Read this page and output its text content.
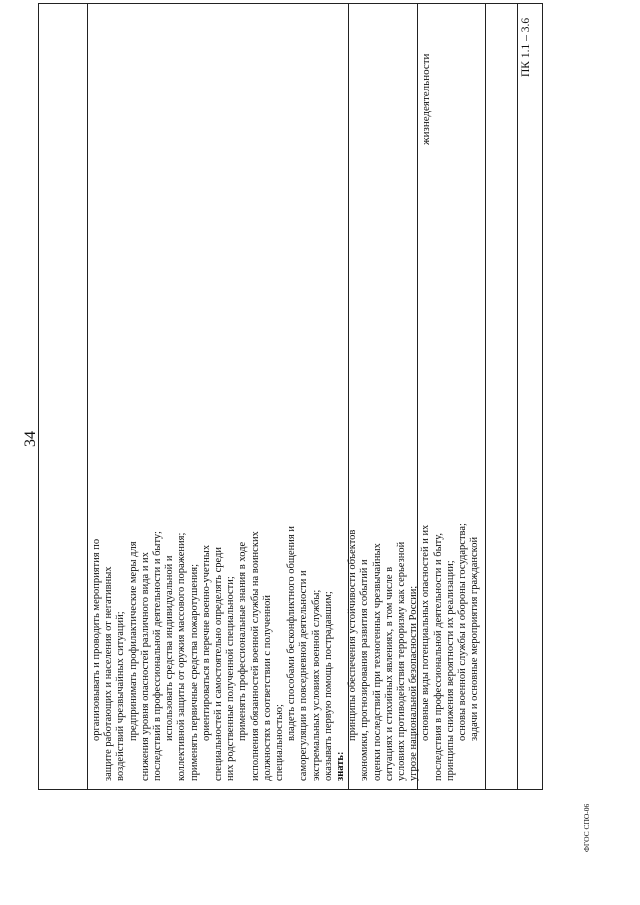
34
организовывать и проводить мероприятия по защите работающих и населения от негативных воздействий чрезвычайных ситуаций; предпринимать профилактические меры для снижения уровня опасностей различного вида и их последствий в профессиональной деятельности и быту; использовать средства индивидуальной и коллективной защиты от оружия массового поражения; применять первичные средства пожаротушения; ориентироваться в перечне военно-учетных специальностей и самостоятельно определять среди них родственные полученной специальности; применять профессиональные знания в ходе исполнения обязанностей военной службы на воинских должностях в соответствии с полученной специальностью;
владеть способами бесконфликтного общения и саморегуляции в повседневной деятельности и экстремальных условиях военной службы; оказывать первую помощь пострадавшим; знать:
принципы обеспечения устойчивости объектов экономики, прогнозирования развития событий и оценки последствий при техногенных чрезвычайных ситуациях и стихийных явлениях, в том числе в условиях противодействия терроризму как серьезной угрозе национальной безопасности России; основные виды потенциальных опасностей и их последствия в профессиональной деятельности и быту, принципы снижения вероятности их реализации; основы военной службы и обороны государства; задачи и основные мероприятия гражданской
жизнедеятельности
ПК 1.1 – 3.6
ФГОС СПО-06
